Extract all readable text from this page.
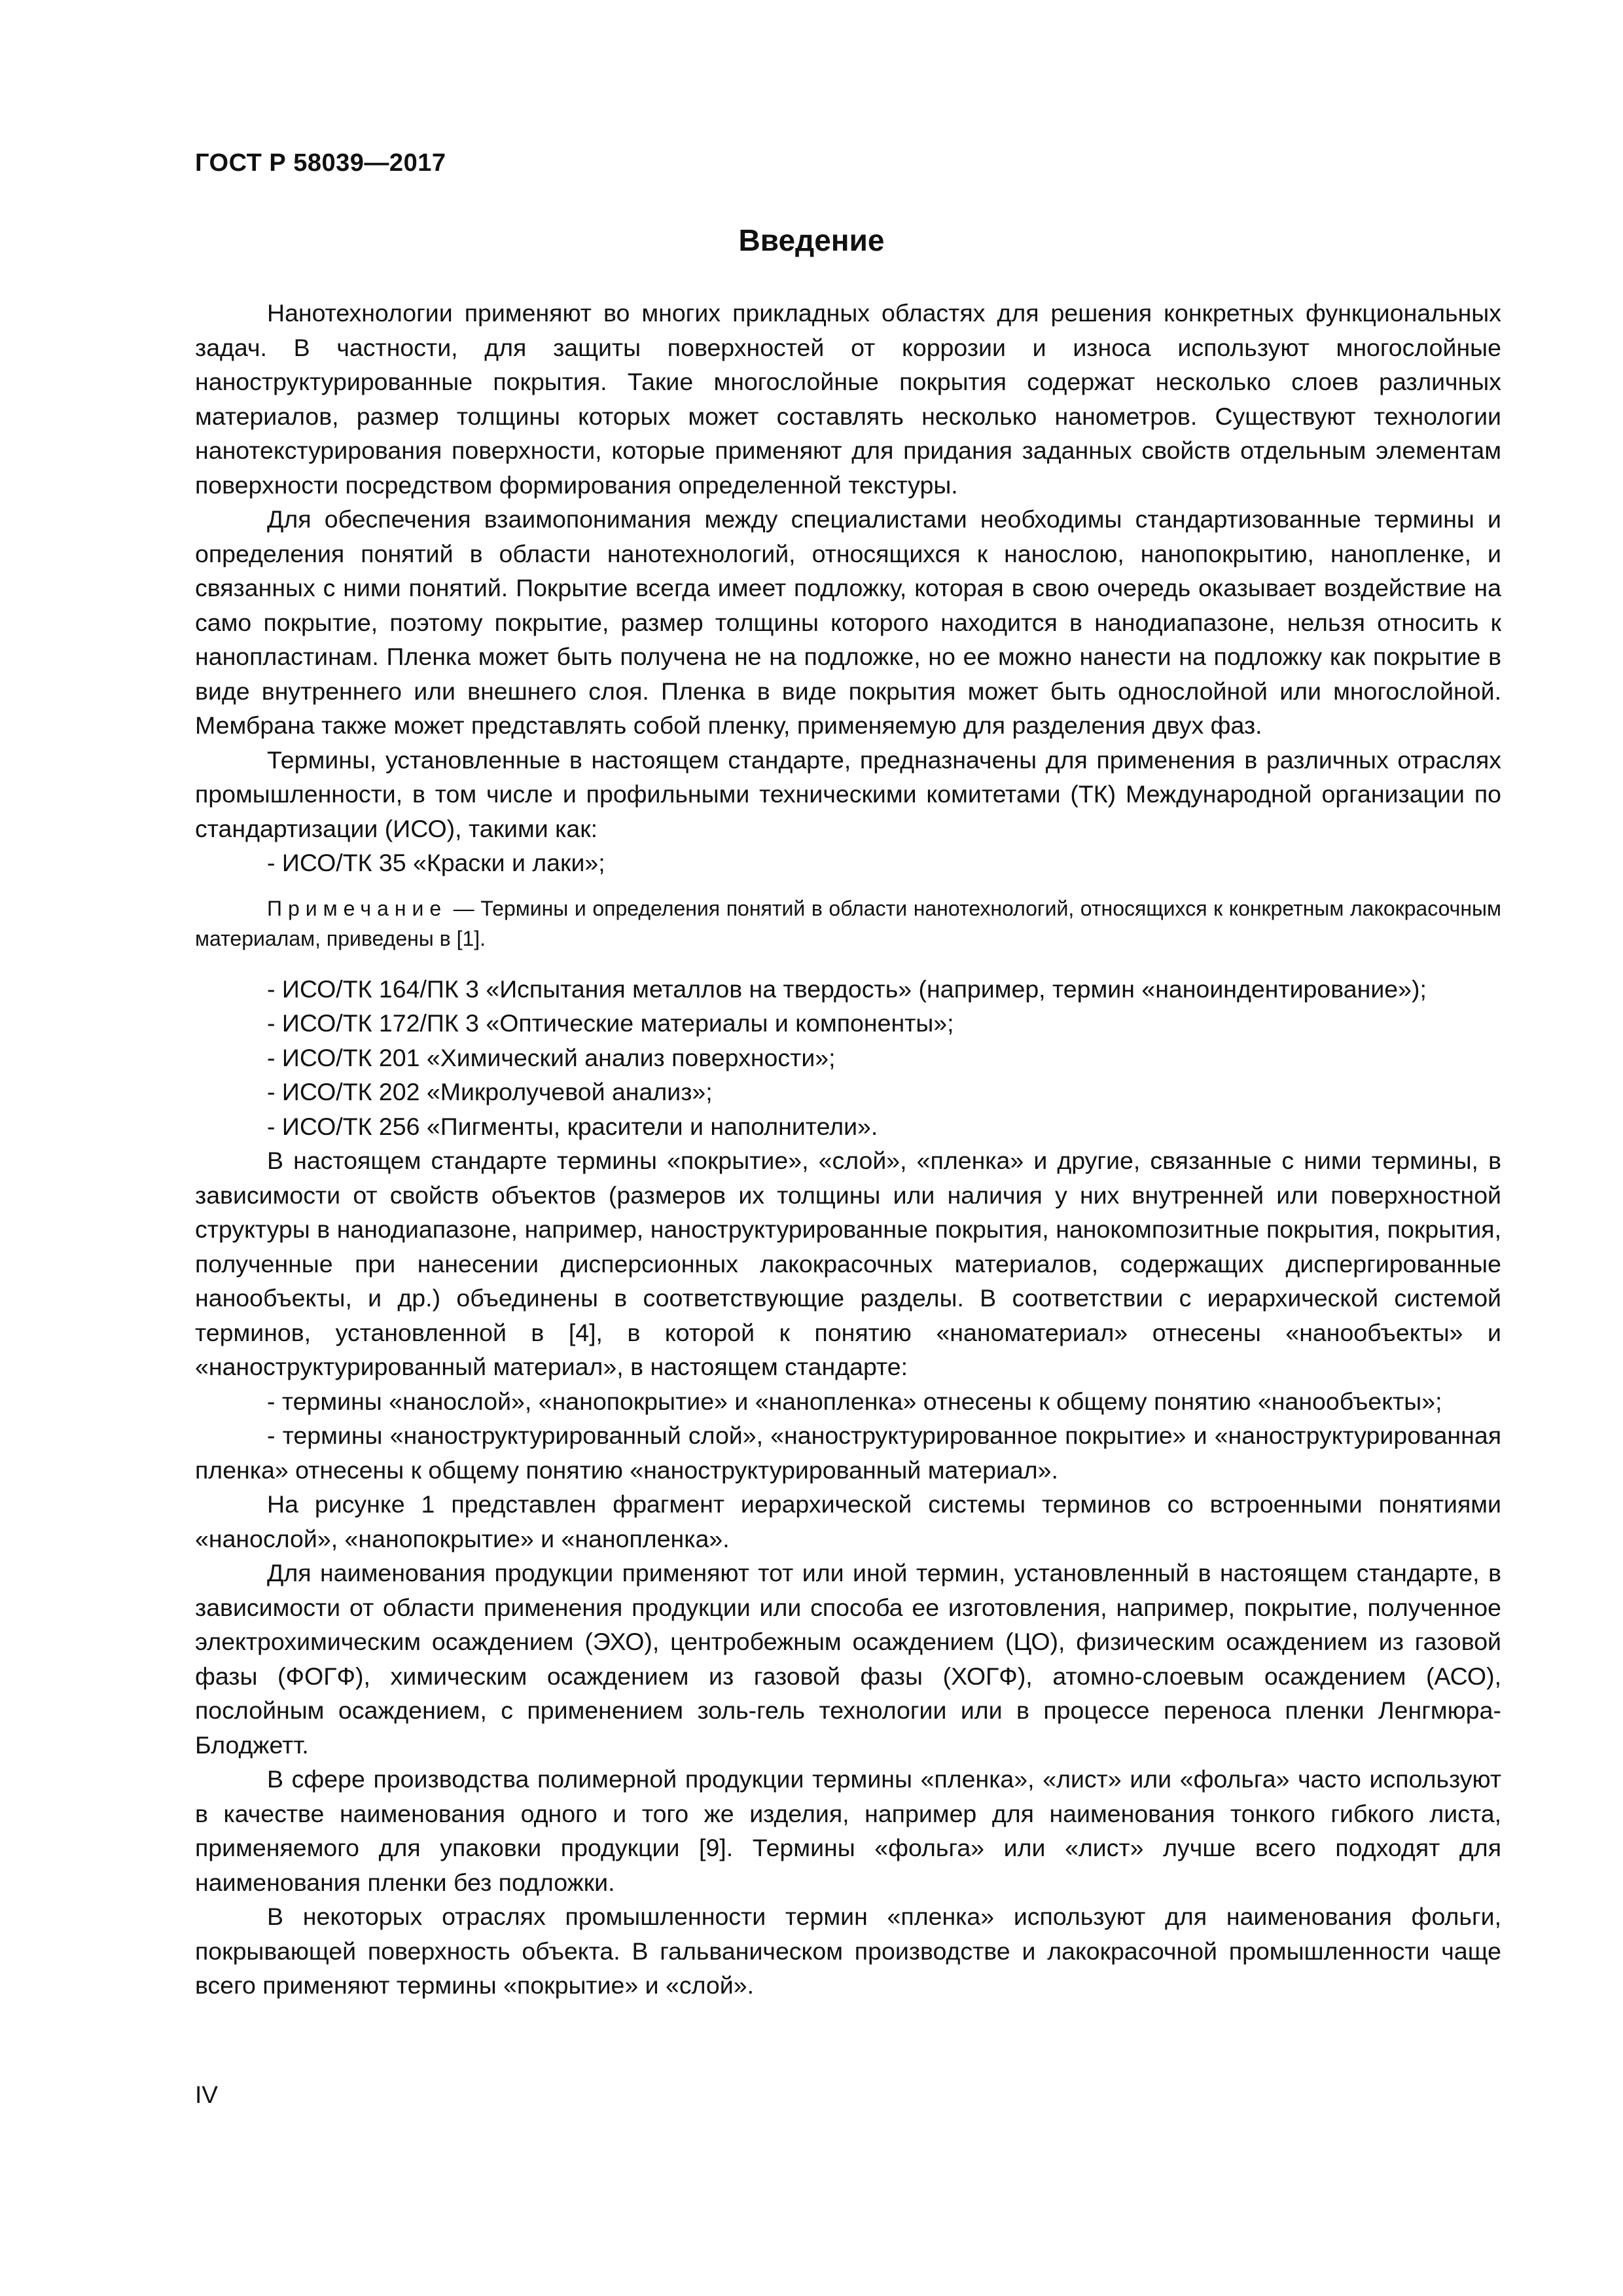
ГОСТ Р 58039—2017
Введение

Нанотехнологии применяют во многих прикладных областях для решения конкретных функциональных задач. В частности, для защиты поверхностей от коррозии и износа используют многослойные наноструктурированные покрытия. Такие многослойные покрытия содержат несколько слоев различных материалов, размер толщины которых может составлять несколько нанометров. Существуют технологии нанотекстурирования поверхности, которые применяют для придания заданных свойств отдельным элементам поверхности посредством формирования определенной текстуры.

Для обеспечения взаимопонимания между специалистами необходимы стандартизованные термины и определения понятий в области нанотехнологий, относящихся к нанослою, нанопокрытию, нанопленке, и связанных с ними понятий. Покрытие всегда имеет подложку, которая в свою очередь оказывает воздействие на само покрытие, поэтому покрытие, размер толщины которого находится в нанодиапазоне, нельзя относить к нанопластинам. Пленка может быть получена не на подложке, но ее можно нанести на подложку как покрытие в виде внутреннего или внешнего слоя. Пленка в виде покрытия может быть однослойной или многослойной. Мембрана также может представлять собой пленку, применяемую для разделения двух фаз.

Термины, установленные в настоящем стандарте, предназначены для применения в различных отраслях промышленности, в том числе и профильными техническими комитетами (ТК) Международной организации по стандартизации (ИСО), такими как:

- ИСО/ТК 35 «Краски и лаки»;

Примечание — Термины и определения понятий в области нанотехнологий, относящихся к конкретным лакокрасочным материалам, приведены в [1].

- ИСО/ТК 164/ПК 3 «Испытания металлов на твердость» (например, термин «наноиндентирование»);

- ИСО/ТК 172/ПК 3 «Оптические материалы и компоненты»;

- ИСО/ТК 201 «Химический анализ поверхности»;

- ИСО/ТК 202 «Микролучевой анализ»;

- ИСО/ТК 256 «Пигменты, красители и наполнители».

В настоящем стандарте термины «покрытие», «слой», «пленка» и другие, связанные с ними термины, в зависимости от свойств объектов (размеров их толщины или наличия у них внутренней или поверхностной структуры в нанодиапазоне, например, наноструктурированные покрытия, нанокомпозитные покрытия, покрытия, полученные при нанесении дисперсионных лакокрасочных материалов, содержащих диспергированные нанообъекты, и др.) объединены в соответствующие разделы. В соответствии с иерархической системой терминов, установленной в [4], в которой к понятию «наноматериал» отнесены «нанообъекты» и «наноструктурированный материал», в настоящем стандарте:

- термины «нанослой», «нанопокрытие» и «нанопленка» отнесены к общему понятию «нанообъекты»;

- термины «наноструктурированный слой», «наноструктурированное покрытие» и «наноструктурированная пленка» отнесены к общему понятию «наноструктурированный материал».

На рисунке 1 представлен фрагмент иерархической системы терминов со встроенными понятиями «нанослой», «нанопокрытие» и «нанопленка».

Для наименования продукции применяют тот или иной термин, установленный в настоящем стандарте, в зависимости от области применения продукции или способа ее изготовления, например, покрытие, полученное электрохимическим осаждением (ЭХО), центробежным осаждением (ЦО), физическим осаждением из газовой фазы (ФОГФ), химическим осаждением из газовой фазы (ХОГФ), атомно-слоевым осаждением (АСО), послойным осаждением, с применением золь-гель технологии или в процессе переноса пленки Ленгмюра-Блоджетт.

В сфере производства полимерной продукции термины «пленка», «лист» или «фольга» часто используют в качестве наименования одного и того же изделия, например для наименования тонкого гибкого листа, применяемого для упаковки продукции [9]. Термины «фольга» или «лист» лучше всего подходят для наименования пленки без подложки.

В некоторых отраслях промышленности термин «пленка» используют для наименования фольги, покрывающей поверхность объекта. В гальваническом производстве и лакокрасочной промышленности чаще всего применяют термины «покрытие» и «слой».

IV
